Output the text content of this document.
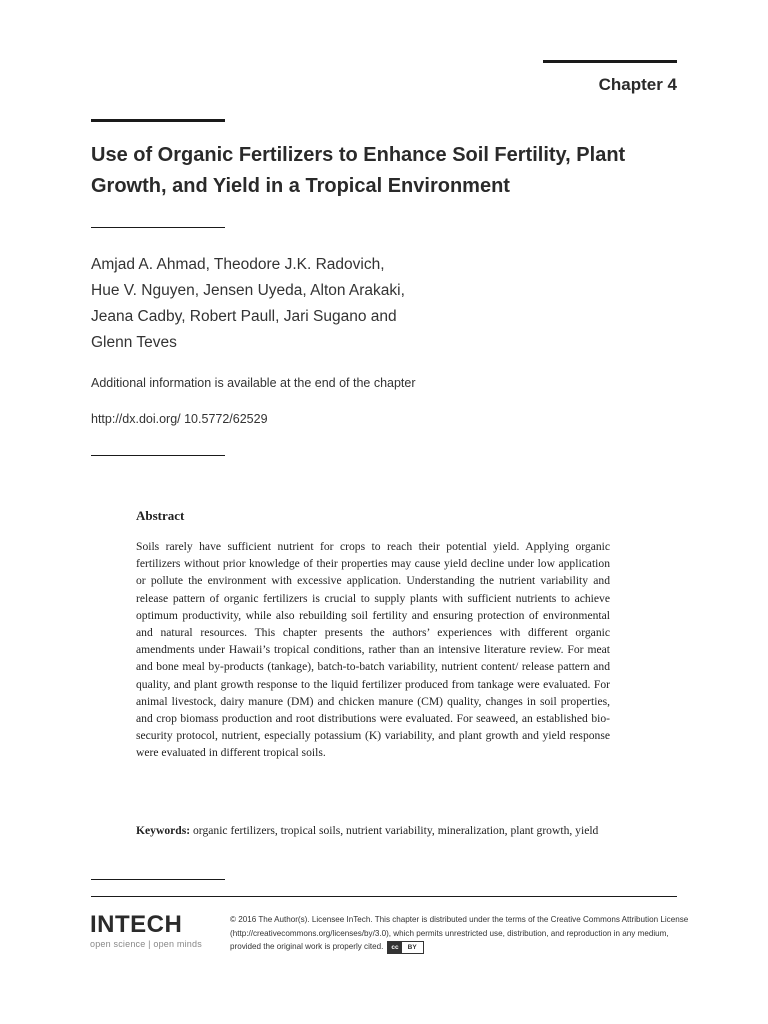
Chapter 4
Use of Organic Fertilizers to Enhance Soil Fertility, Plant Growth, and Yield in a Tropical Environment
Amjad A. Ahmad, Theodore J.K. Radovich,
Hue V. Nguyen, Jensen Uyeda, Alton Arakaki,
Jeana Cadby, Robert Paull, Jari Sugano and
Glenn Teves
Additional information is available at the end of the chapter
http://dx.doi.org/ 10.5772/62529
Abstract
Soils rarely have sufficient nutrient for crops to reach their potential yield. Applying organic fertilizers without prior knowledge of their properties may cause yield decline under low application or pollute the environment with excessive application. Understanding the nutrient variability and release pattern of organic fertilizers is crucial to supply plants with sufficient nutrients to achieve optimum productivity, while also rebuilding soil fertility and ensuring protection of environmental and natural resources. This chapter presents the authors’ experiences with different organic amendments under Hawaii’s tropical conditions, rather than an intensive literature review. For meat and bone meal by-products (tankage), batch-to-batch variability, nutrient content/ release pattern and quality, and plant growth response to the liquid fertilizer produced from tankage were evaluated. For animal livestock, dairy manure (DM) and chicken manure (CM) quality, changes in soil properties, and crop biomass production and root distributions were evaluated. For seaweed, an established bio-security protocol, nutrient, especially potassium (K) variability, and plant growth and yield response were evaluated in different tropical soils.
Keywords: organic fertilizers, tropical soils, nutrient variability, mineralization, plant growth, yield
INTECH
open science | open minds
© 2016 The Author(s). Licensee InTech. This chapter is distributed under the terms of the Creative Commons Attribution License (http://creativecommons.org/licenses/by/3.0), which permits unrestricted use, distribution, and reproduction in any medium, provided the original work is properly cited.	cc	BY
